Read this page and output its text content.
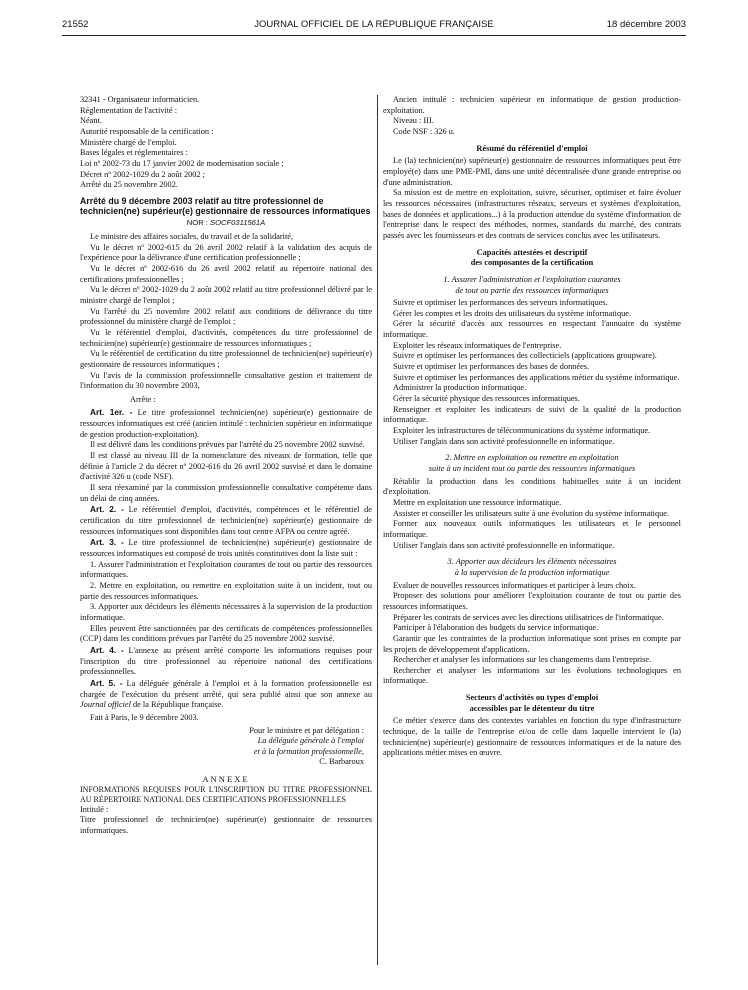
21552	JOURNAL OFFICIEL DE LA RÉPUBLIQUE FRANÇAISE	18 décembre 2003

32341 - Organisateur informaticien.

Réglementation de l'activité :

Néant.

Autorité responsable de la certification :

Ministère chargé de l'emploi.

Bases légales et réglementaires :

Loi nº 2002-73 du 17 janvier 2002 de modernisation sociale ;

Décret nº 2002-1029 du 2 août 2002 ;

Arrêté du 25 novembre 2002.

Arrêté du 9 décembre 2003 relatif au titre professionnel de technicien(ne) supérieur(e) gestionnaire de ressources informatiques

NOR : SOCF0311561A

Le ministre des affaires sociales, du travail et de la solidarité,

Vu le décret nº 2002-615 du 26 avril 2002 relatif à la validation des acquis de l'expérience pour la délivrance d'une certification professionnelle ;

Vu le décret nº 2002-616 du 26 avril 2002 relatif au répertoire national des certifications professionnelles ;

Vu le décret nº 2002-1029 du 2 août 2002 relatif au titre professionnel délivré par le ministre chargé de l'emploi ;

Vu l'arrêté du 25 novembre 2002 relatif aux conditions de délivrance du titre professionnel du ministère chargé de l'emploi ;

Vu le référentiel d'emploi, d'activités, compétences du titre professionnel de technicien(ne) supérieur(e) gestionnaire de ressources informatiques ;

Vu le référentiel de certification du titre professionnel de technicien(ne) supérieur(e) gestionnaire de ressources informatiques ;

Vu l'avis de la commission professionnelle consultative gestion et traitement de l'information du 30 novembre 2003,

Arrête :

Art. 1er. - Le titre professionnel technicien(ne) supérieur(e) gestionnaire de ressources informatiques est créé (ancien intitulé : technicien supérieur en informatique de gestion production-exploitation).

Il est délivré dans les conditions prévues par l'arrêté du 25 novembre 2002 susvisé.

Il est classé au niveau III de la nomenclature des niveaux de formation, telle que définie à l'article 2 du décret nº 2002-616 du 26 avril 2002 susvisé et dans le domaine d'activité 326 u (code NSF).

Il sera réexaminé par la commission professionnelle consultative compétente dans un délai de cinq années.

Art. 2. - Le référentiel d'emploi, d'activités, compétences et le référentiel de certification du titre professionnel de technicien(ne) supérieur(e) gestionnaire de ressources informatiques sont disponibles dans tout centre AFPA ou centre agréé.

Art. 3. - Le titre professionnel de technicien(ne) supérieur(e) gestionnaire de ressources informatiques est composé de trois unités constitutives dont la liste suit :

1. Assurer l'administration et l'exploitation courantes de tout ou partie des ressources informatiques.

2. Mettre en exploitation, ou remettre en exploitation suite à un incident, tout ou partie des ressources informatiques.

3. Apporter aux décideurs les éléments nécessaires à la supervision de la production informatique.

Elles peuvent être sanctionnées par des certificats de compétences professionnelles (CCP) dans les conditions prévues par l'arrêté du 25 novembre 2002 susvisé.

Art. 4. - L'annexe au présent arrêté comporte les informations requises pour l'inscription du titre professionnel au répertoire national des certifications professionnelles.

Art. 5. - La déléguée générale à l'emploi et à la formation professionnelle est chargée de l'exécution du présent arrêté, qui sera publié ainsi que son annexe au Journal officiel de la République française.

Fait à Paris, le 9 décembre 2003.

Pour le ministre et par délégation :

La déléguée générale à l'emploi

et à la formation professionnelle,

C. Barbaroux

ANNEXE

INFORMATIONS REQUISES POUR L'INSCRIPTION DU TITRE PROFESSIONNEL AU RÉPERTOIRE NATIONAL DES CERTIFICATIONS PROFESSIONNELLES

Intitulé :

Titre professionnel de technicien(ne) supérieur(e) gestionnaire de ressources informatiques.

Ancien intitulé : technicien supérieur en informatique de gestion production-exploitation.

Niveau : III.

Code NSF : 326 u.

Résumé du référentiel d'emploi

Le (la) technicien(ne) supérieur(e) gestionnaire de ressources informatiques peut être employé(e) dans une PME-PMI, dans une unité décentralisée d'une grande entreprise ou d'une administration.

Sa mission est de mettre en exploitation, suivre, sécuriser, optimiser et faire évoluer les ressources nécessaires (infrastructures réseaux, serveurs et systèmes d'exploitation, bases de données et applications...) à la production attendue du système d'information de l'entreprise dans le respect des méthodes, normes, standards du marché, des contrats passés avec les fournisseurs et des contrats de services conclus avec les utilisateurs.

Capacités attestées et descriptif

des composantes de la certification

1. Assurer l'administration et l'exploitation courantes

de tout ou partie des ressources informatiques

Suivre et optimiser les performances des serveurs informatiques.

Gérer les comptes et les droits des utilisateurs du système informatique.

Gérer la sécurité d'accès aux ressources en respectant l'annuaire du système informatique.

Exploiter les réseaux informatiques de l'entreprise.

Suivre et optimiser les performances des collecticiels (applications groupware).

Suivre et optimiser les performances des bases de données.

Suivre et optimiser les performances des applications métier du système informatique.

Administrer la production informatique.

Gérer la sécurité physique des ressources informatiques.

Renseigner et exploiter les indicateurs de suivi de la qualité de la production informatique.

Exploiter les infrastructures de télécommunications du système informatique.

Utiliser l'anglais dans son activité professionnelle en informatique.

2. Mettre en exploitation ou remettre en exploitation

suite à un incident tout ou partie des ressources informatiques

Rétablir la production dans les conditions habituelles suite à un incident d'exploitation.

Mettre en exploitation une ressource informatique.

Assister et conseiller les utilisateurs suite à une évolution du système informatique.

Former aux nouveaux outils informatiques les utilisateurs et le personnel informatique.

Utiliser l'anglais dans son activité professionnelle en informatique.

3. Apporter aux décideurs les éléments nécessaires

à la supervision de la production informatique

Evaluer de nouvelles ressources informatiques et participer à leurs choix.

Proposer des solutions pour améliorer l'exploitation courante de tout ou partie des ressources informatiques.

Préparer les contrats de services avec les directions utilisatrices de l'informatique.

Participer à l'élaboration des budgets du service informatique.

Garantir que les contraintes de la production informatique sont prises en compte par les projets de développement d'applications.

Rechercher et analyser les informations sur les changements dans l'entreprise.

Rechercher et analyser les informations sur les évolutions technologiques en informatique.

Secteurs d'activités ou types d'emploi

accessibles par le détenteur du titre

Ce métier s'exerce dans des contextes variables en fonction du type d'infrastructure technique, de la taille de l'entreprise et/ou de celle dans laquelle intervient le (la) technicien(ne) supérieur(e) gestionnaire de ressources informatiques et de la nature des applications métier mises en œuvre.
